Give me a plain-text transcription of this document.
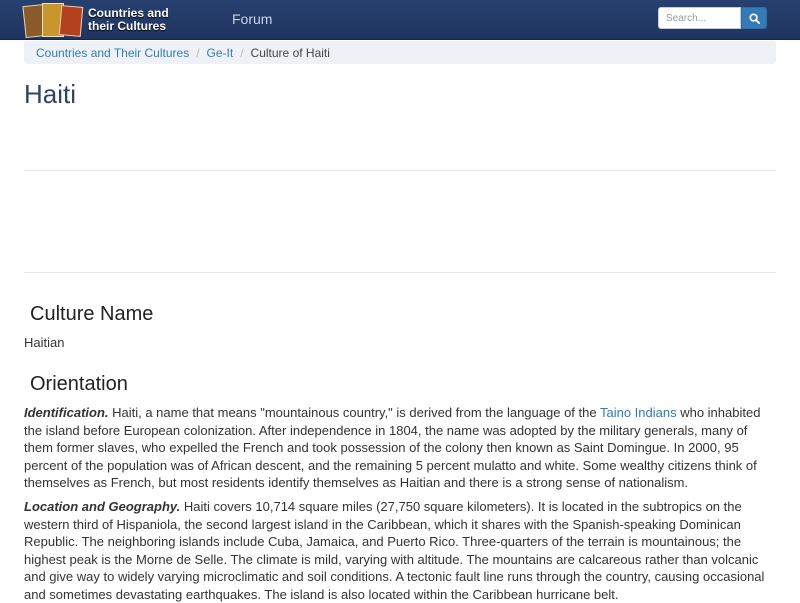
Countries and
their Cultures	Forum
Search...
Countries and Their Cultures / Ge-It / Culture of Haiti
Haiti
Culture Name

Haitian

Orientation

Identification. Haiti, a name that means "mountainous country," is derived from the language of the Taino Indians who inhabited the island before European colonization. After independence in 1804, the name was adopted by the military generals, many of them former slaves, who expelled the French and took possession of the colony then known as Saint Domingue. In 2000, 95 percent of the population was of African descent, and the remaining 5 percent mulatto and white. Some wealthy citizens think of themselves as French, but most residents identify themselves as Haitian and there is a strong sense of nationalism.

Location and Geography. Haiti covers 10,714 square miles (27,750 square kilometers). It is located in the subtropics on the western third of Hispaniola, the second largest island in the Caribbean, which it shares with the Spanish-speaking Dominican Republic. The neighboring islands include Cuba, Jamaica, and Puerto Rico. Three-quarters of the terrain is mountainous; the highest peak is the Morne de Selle. The climate is mild, varying with altitude. The mountains are calcareous rather than volcanic and give way to widely varying microclimatic and soil conditions. A tectonic fault line runs through the country, causing occasional and sometimes devastating earthquakes. The island is also located within the Caribbean hurricane belt.
